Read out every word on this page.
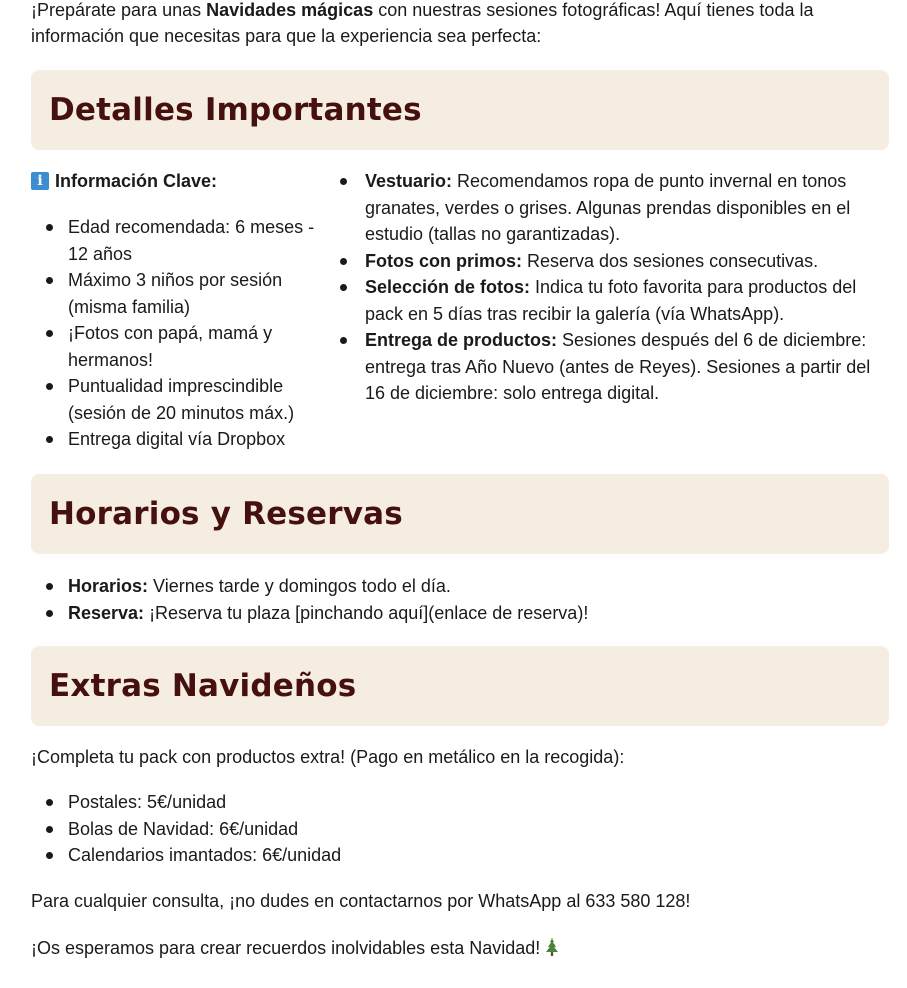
¡Prepárate para unas Navidades mágicas con nuestras sesiones fotográficas! Aquí tienes toda la información que necesitas para que la experiencia sea perfecta:

Detalles Importantes
i Información Clave:
Edad recomendada: 6 meses - 12 años
Máximo 3 niños por sesión (misma familia)
¡Fotos con papá, mamá y hermanos!
Puntualidad imprescindible (sesión de 20 minutos máx.)
Entrega digital vía Dropbox
Vestuario: Recomendamos ropa de punto invernal en tonos granates, verdes o grises. Algunas prendas disponibles en el estudio (tallas no garantizadas).
Fotos con primos: Reserva dos sesiones consecutivas.
Selección de fotos: Indica tu foto favorita para productos del pack en 5 días tras recibir la galería (vía WhatsApp).
Entrega de productos: Sesiones después del 6 de diciembre: entrega tras Año Nuevo (antes de Reyes). Sesiones a partir del 16 de diciembre: solo entrega digital.
Horarios y Reservas
Horarios: Viernes tarde y domingos todo el día.
Reserva: ¡Reserva tu plaza [pinchando aquí](enlace de reserva)!
Extras Navideños

¡Completa tu pack con productos extra! (Pago en metálico en la recogida):

Postales: 5€/unidad
Bolas de Navidad: 6€/unidad
Calendarios imantados: 6€/unidad

Para cualquier consulta, ¡no dudes en contactarnos por WhatsApp al 633 580 128!

¡Os esperamos para crear recuerdos inolvidables esta Navidad!
